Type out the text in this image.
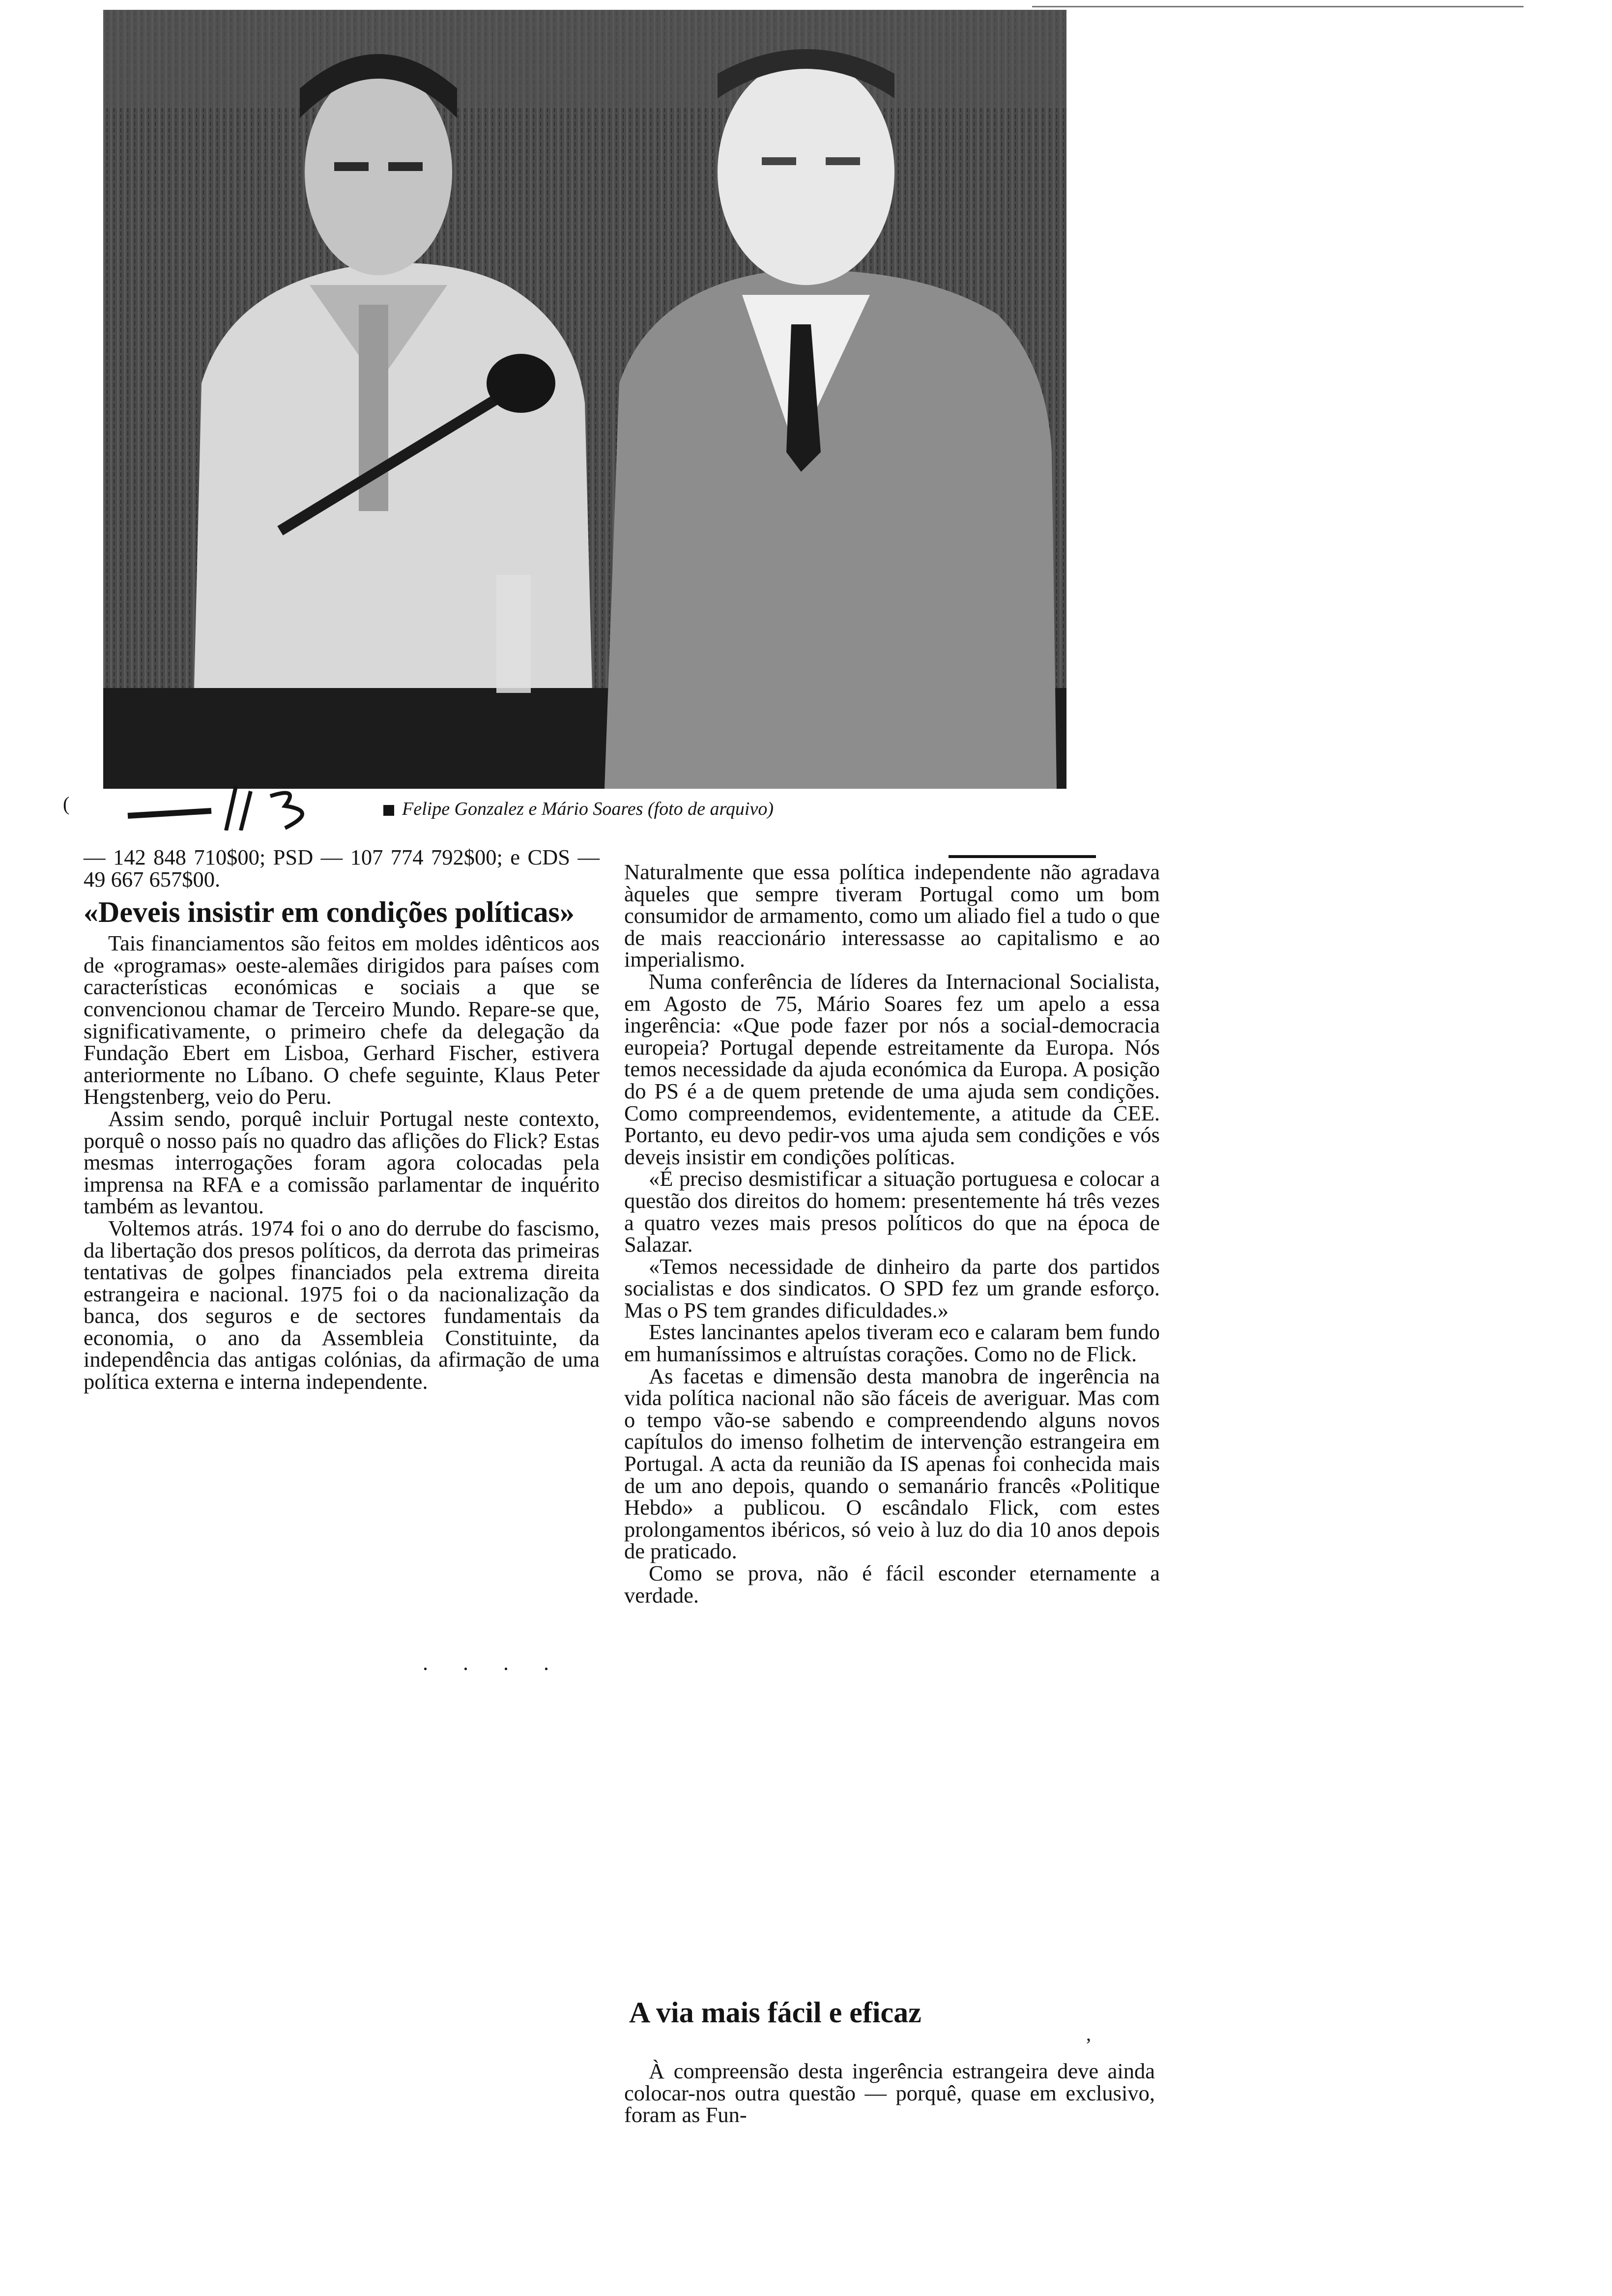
(	Felipe Gonzalez e Mário Soares (foto de arquivo)

— 142 848 710$00; PSD — 107 774 792$00; e CDS — 49 667 657$00.

«Deveis insistir em condições políticas»

Tais financiamentos são feitos em moldes idênticos aos de «programas» oeste-alemães dirigidos para países com características económicas e sociais a que se convencionou chamar de Terceiro Mundo. Repare-se que, significativamente, o primeiro chefe da delegação da Fundação Ebert em Lisboa, Gerhard Fischer, estivera anteriormente no Líbano. O chefe seguinte, Klaus Peter Hengstenberg, veio do Peru.

Assim sendo, porquê incluir Portugal neste contexto, porquê o nosso país no quadro das aflições do Flick? Estas mesmas interrogações foram agora colocadas pela imprensa na RFA e a comissão parlamentar de inquérito também as levantou.

Voltemos atrás. 1974 foi o ano do derrube do fascismo, da libertação dos presos políticos, da derrota das primeiras tentativas de golpes financiados pela extrema direita estrangeira e nacional. 1975 foi o da nacionalização da banca, dos seguros e de sectores fundamentais da economia, o ano da Assembleia Constituinte, da independência das antigas colónias, da afirmação de uma política externa e interna independente.

. . . .

Naturalmente que essa política independente não agradava àqueles que sempre tiveram Portugal como um bom consumidor de armamento, como um aliado fiel a tudo o que de mais reaccionário interessasse ao capitalismo e ao imperialismo.

Numa conferência de líderes da Internacional Socialista, em Agosto de 75, Mário Soares fez um apelo a essa ingerência: «Que pode fazer por nós a social-democracia europeia? Portugal depende estreitamente da Europa. Nós temos necessidade da ajuda económica da Europa. A posição do PS é a de quem pretende de uma ajuda sem condições. Como compreendemos, evidentemente, a atitude da CEE. Portanto, eu devo pedir-vos uma ajuda sem condições e vós deveis insistir em condições políticas.

«É preciso desmistificar a situação portuguesa e colocar a questão dos direitos do homem: presentemente há três vezes a quatro vezes mais presos políticos do que na época de Salazar.

«Temos necessidade de dinheiro da parte dos partidos socialistas e dos sindicatos. O SPD fez um grande esforço. Mas o PS tem grandes dificuldades.»

Estes lancinantes apelos tiveram eco e calaram bem fundo em humaníssimos e altruístas corações. Como no de Flick.

As facetas e dimensão desta manobra de ingerência na vida política nacional não são fáceis de averiguar. Mas com o tempo vão-se sabendo e compreendendo alguns novos capítulos do imenso folhetim de intervenção estrangeira em Portugal. A acta da reunião da IS apenas foi conhecida mais de um ano depois, quando o semanário francês «Politique Hebdo» a publicou. O escândalo Flick, com estes prolongamentos ibéricos, só veio à luz do dia 10 anos depois de praticado.

Como se prova, não é fácil esconder eternamente a verdade.

A via mais fácil e eficaz
,

À compreensão desta ingerência estrangeira deve ainda colocar-nos outra questão — porquê, quase em exclusivo, foram as Fun-
